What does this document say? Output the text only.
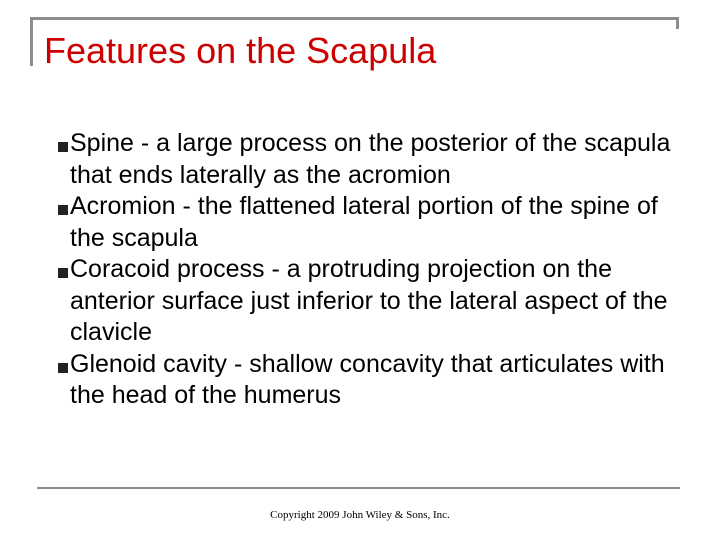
Features on the Scapula
Spine - a large process on the posterior of the scapula that ends laterally as the acromion
Acromion - the flattened lateral portion of the spine of the scapula
Coracoid process - a protruding projection on the anterior surface just inferior to the lateral aspect of the clavicle
Glenoid cavity - shallow concavity that articulates with the head of the humerus
Copyright 2009 John Wiley & Sons, Inc.
